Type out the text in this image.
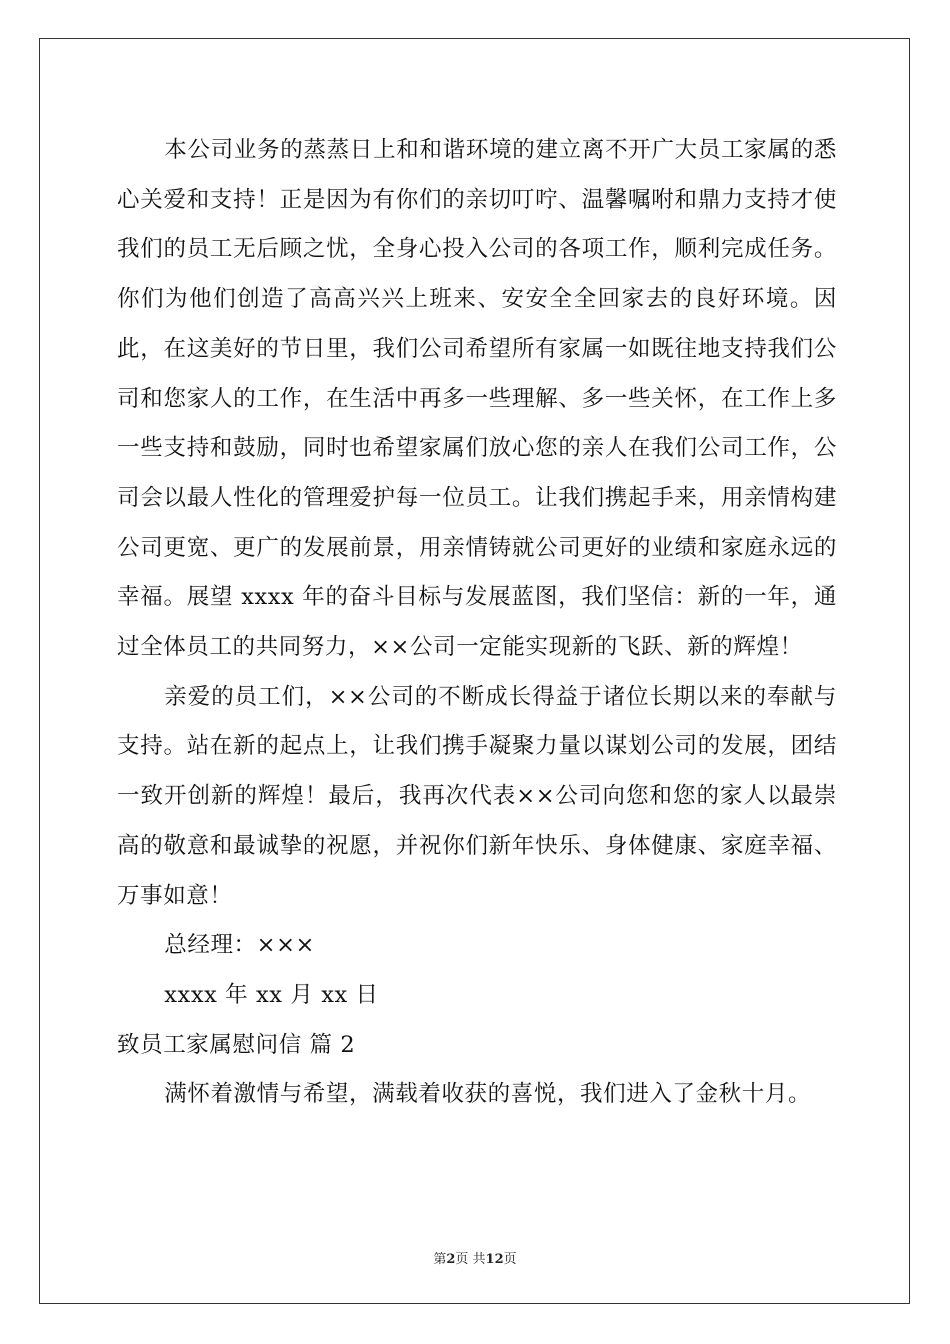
本公司业务的蒸蒸日上和和谐环境的建立离不开广大员工家属的悉心关爱和支持！正是因为有你们的亲切叮咛、温馨嘱咐和鼎力支持才使我们的员工无后顾之忧，全身心投入公司的各项工作，顺利完成任务。你们为他们创造了高高兴兴上班来、安安全全回家去的良好环境。因此，在这美好的节日里，我们公司希望所有家属一如既往地支持我们公司和您家人的工作，在生活中再多一些理解、多一些关怀，在工作上多一些支持和鼓励，同时也希望家属们放心您的亲人在我们公司工作，公司会以最人性化的管理爱护每一位员工。让我们携起手来，用亲情构建公司更宽、更广的发展前景，用亲情铸就公司更好的业绩和家庭永远的幸福。展望 xxxx 年的奋斗目标与发展蓝图，我们坚信：新的一年，通过全体员工的共同努力，××公司一定能实现新的飞跃、新的辉煌！

亲爱的员工们，××公司的不断成长得益于诸位长期以来的奉献与支持。站在新的起点上，让我们携手凝聚力量以谋划公司的发展，团结一致开创新的辉煌！最后，我再次代表××公司向您和您的家人以最崇高的敬意和最诚挚的祝愿，并祝你们新年快乐、身体健康、家庭幸福、万事如意！

总经理：×××

xxxx 年 xx 月 xx 日

致员工家属慰问信 篇 2

满怀着激情与希望，满载着收获的喜悦，我们进入了金秋十月。

第2页 共12页
